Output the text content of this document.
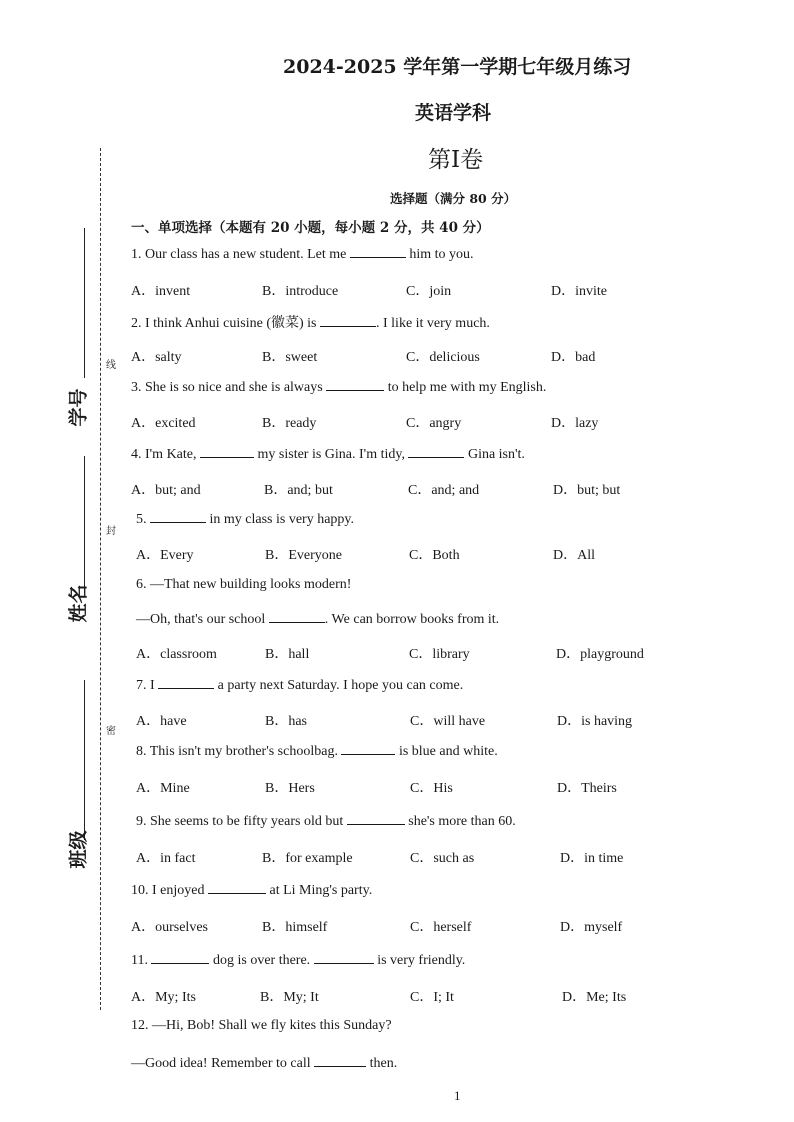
2024-2025 学年第一学期七年级月练习
英语学科
第I卷
选择题（满分 80 分）
一、单项选择（本题有 20 小题，每小题 2 分，共 40 分）
线
封
密
学号
姓名
班级
1. Our class has a new student. Let me	him to you.
A．invent	B．introduce	C．join	D．invite
2. I think Anhui cuisine (徽菜) is	. I like it very much.
A．salty	B．sweet	C．delicious	D．bad
3. She is so nice and she is always	to help me with my English.
A．excited	B．ready	C．angry	D．lazy
4. I'm Kate,	my sister is Gina. I'm tidy,	Gina isn't.
A．but; and	B．and; but	C．and; and	D．but; but
5.	in my class is very happy.
A．Every	B．Everyone	C．Both	D．All
6. —That new building looks modern!
—Oh, that's our school	. We can borrow books from it.
A．classroom	B．hall	C．library	D．playground
7. I	a party next Saturday. I hope you can come.
A．have	B．has	C．will have	D．is having
8. This isn't my brother's schoolbag.	is blue and white.
A．Mine	B．Hers	C．His	D．Theirs
9. She seems to be fifty years old but	she's more than 60.
A．in fact	B．for example	C．such as	D．in time
10. I enjoyed	at Li Ming's party.
A．ourselves	B．himself	C．herself	D．myself
11.	dog is over there.	is very friendly.
A．My; Its	B．My; It	C．I; It	D．Me; Its
12. —Hi, Bob! Shall we fly kites this Sunday?
—Good idea! Remember to call	then.
1
